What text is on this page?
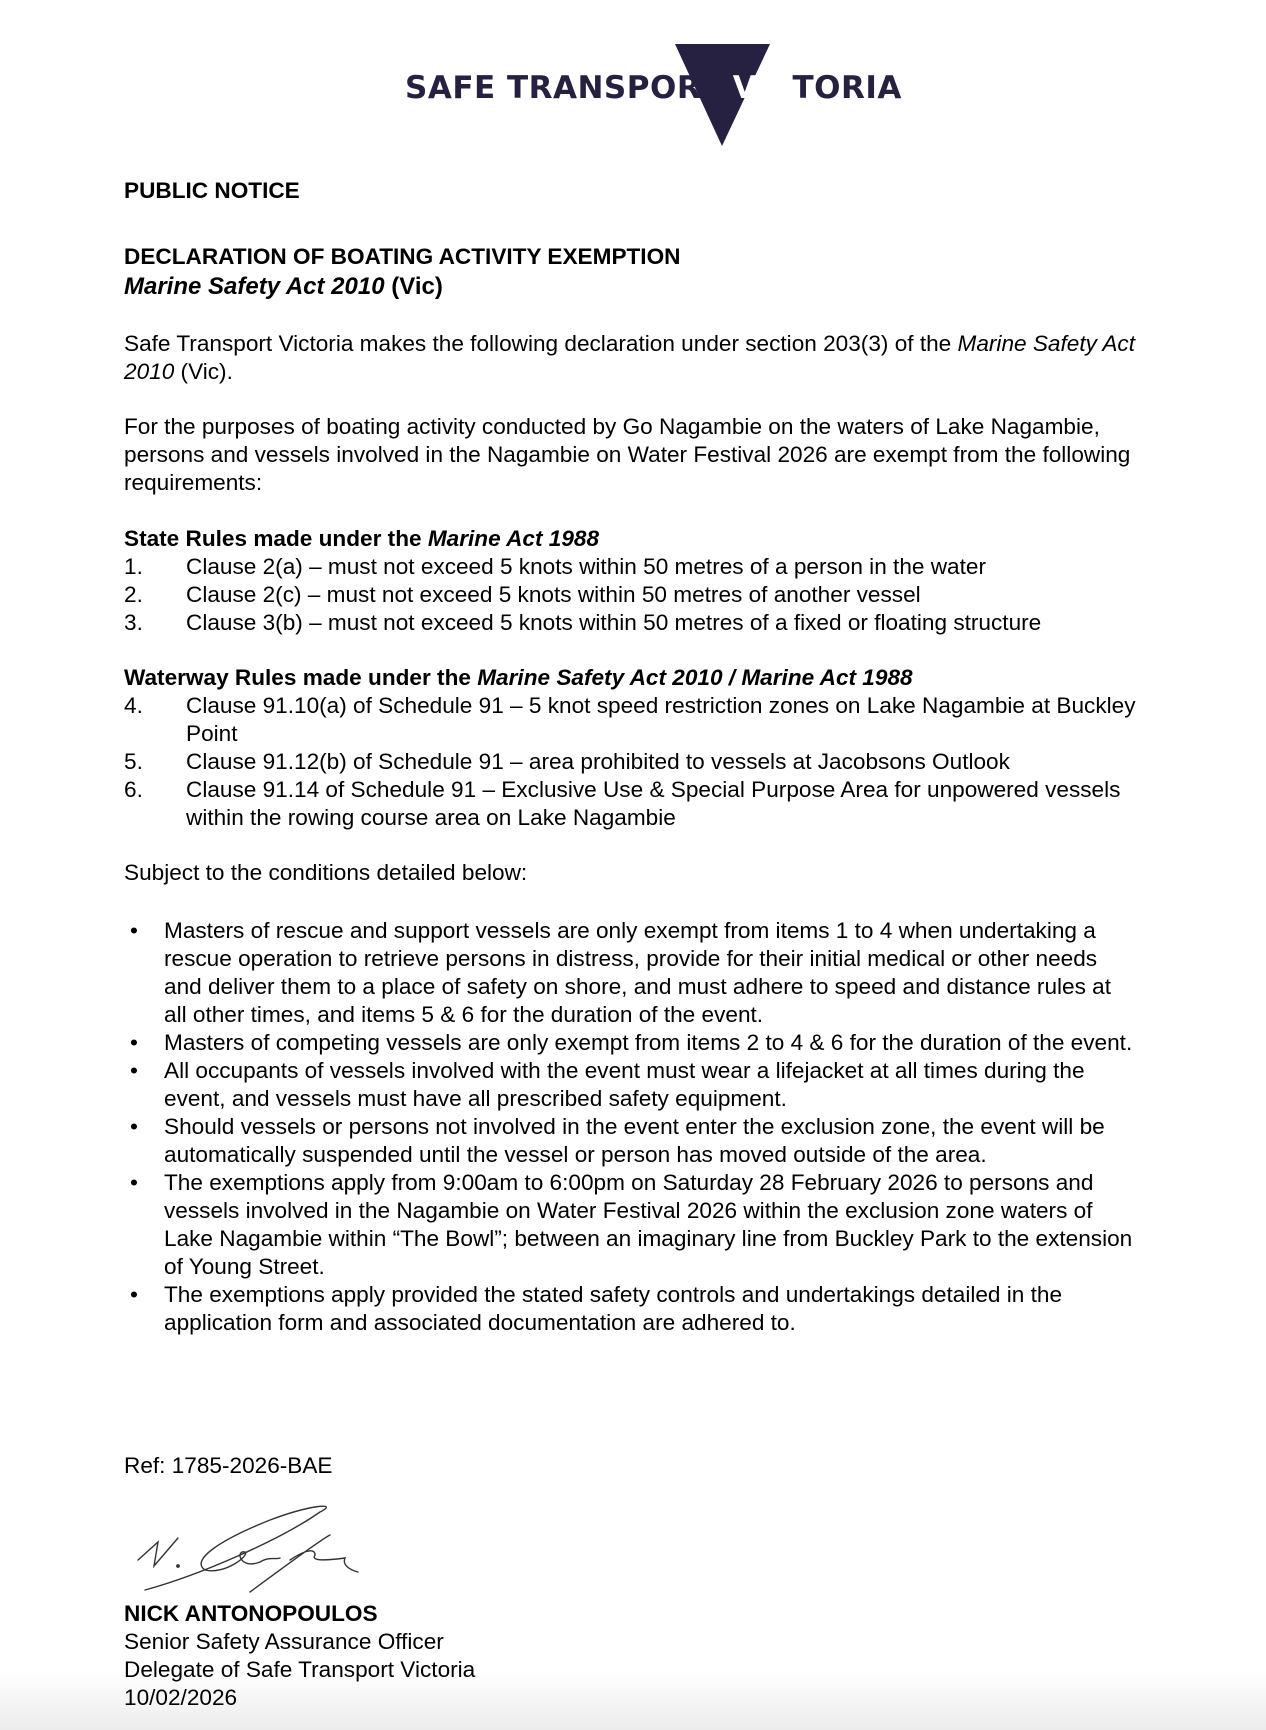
SAFE TRANSPORT VICTORIA
PUBLIC NOTICE
DECLARATION OF BOATING ACTIVITY EXEMPTION
Marine Safety Act 2010 (Vic)
Safe Transport Victoria makes the following declaration under section 203(3) of the Marine Safety Act 2010 (Vic).
For the purposes of boating activity conducted by Go Nagambie on the waters of Lake Nagambie, persons and vessels involved in the Nagambie on Water Festival 2026 are exempt from the following requirements:
State Rules made under the Marine Act 1988
1.	Clause 2(a) – must not exceed 5 knots within 50 metres of a person in the water
2.	Clause 2(c) – must not exceed 5 knots within 50 metres of another vessel
3.	Clause 3(b) – must not exceed 5 knots within 50 metres of a fixed or floating structure
Waterway Rules made under the Marine Safety Act 2010 / Marine Act 1988
4.	Clause 91.10(a) of Schedule 91 – 5 knot speed restriction zones on Lake Nagambie at Buckley Point
5.	Clause 91.12(b) of Schedule 91 – area prohibited to vessels at Jacobsons Outlook
6.	Clause 91.14 of Schedule 91 – Exclusive Use & Special Purpose Area for unpowered vessels within the rowing course area on Lake Nagambie
Subject to the conditions detailed below:
•	Masters of rescue and support vessels are only exempt from items 1 to 4 when undertaking a rescue operation to retrieve persons in distress, provide for their initial medical or other needs and deliver them to a place of safety on shore, and must adhere to speed and distance rules at all other times, and items 5 & 6 for the duration of the event.
•	Masters of competing vessels are only exempt from items 2 to 4 & 6 for the duration of the event.
•	All occupants of vessels involved with the event must wear a lifejacket at all times during the event, and vessels must have all prescribed safety equipment.
•	Should vessels or persons not involved in the event enter the exclusion zone, the event will be automatically suspended until the vessel or person has moved outside of the area.
•	The exemptions apply from 9:00am to 6:00pm on Saturday 28 February 2026 to persons and vessels involved in the Nagambie on Water Festival 2026 within the exclusion zone waters of Lake Nagambie within “The Bowl”; between an imaginary line from Buckley Park to the extension of Young Street.
•	The exemptions apply provided the stated safety controls and undertakings detailed in the application form and associated documentation are adhered to.
Ref: 1785-2026-BAE
NICK ANTONOPOULOS
Senior Safety Assurance Officer
Delegate of Safe Transport Victoria
10/02/2026
